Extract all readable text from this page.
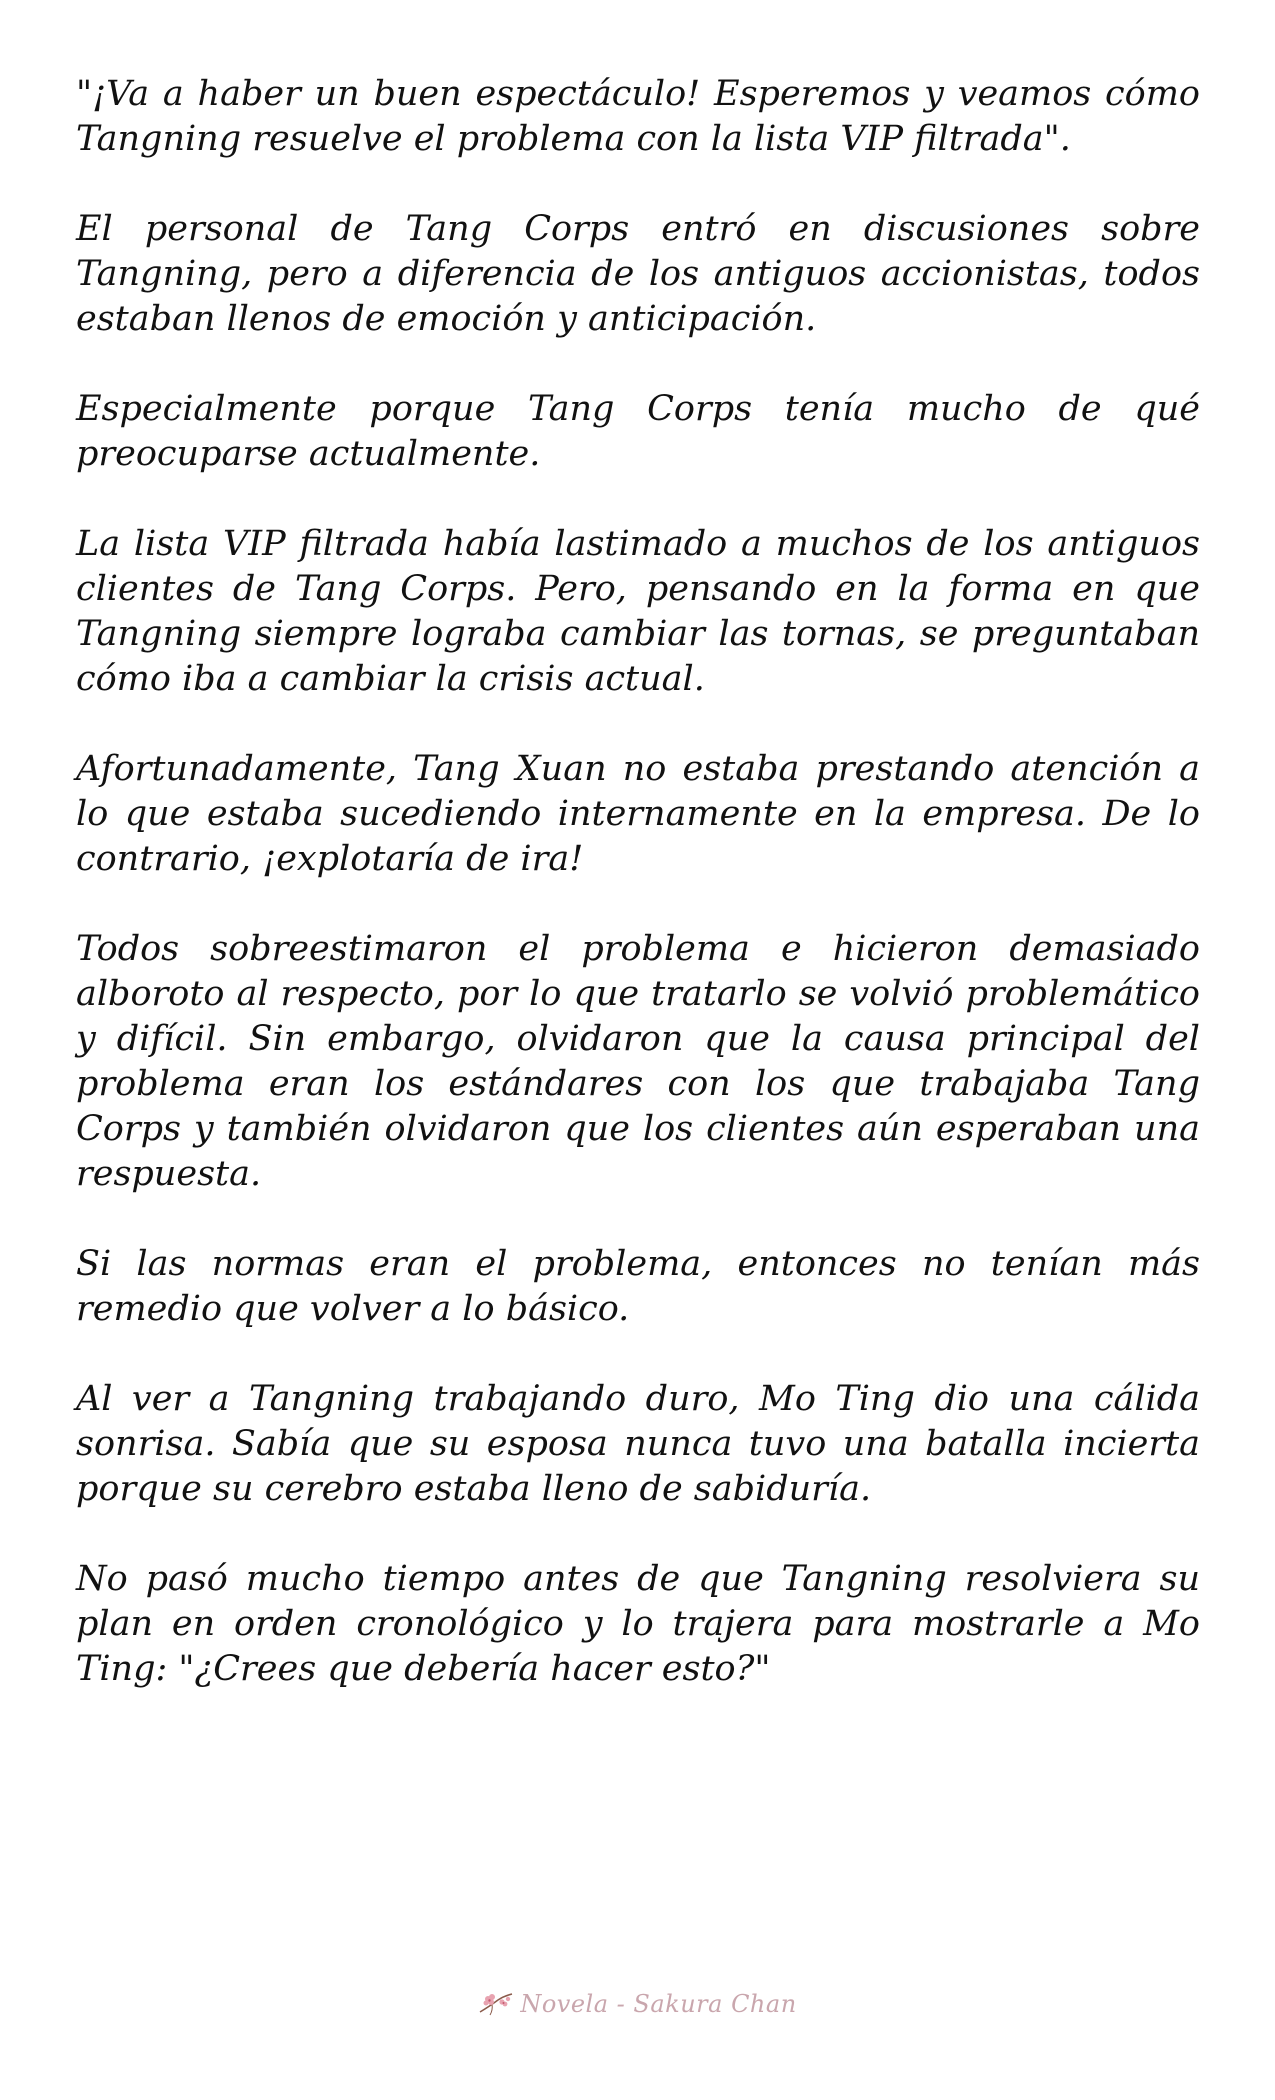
"¡Va a haber un buen espectáculo! Esperemos y veamos cómo Tangning resuelve el problema con la lista VIP filtrada".

El personal de Tang Corps entró en discusiones sobre Tangning, pero a diferencia de los antiguos accionistas, todos estaban llenos de emoción y anticipación.

Especialmente porque Tang Corps tenía mucho de qué preocuparse actualmente.

La lista VIP filtrada había lastimado a muchos de los antiguos clientes de Tang Corps. Pero, pensando en la forma en que Tangning siempre lograba cambiar las tornas, se preguntaban cómo iba a cambiar la crisis actual.

Afortunadamente, Tang Xuan no estaba prestando atención a lo que estaba sucediendo internamente en la empresa. De lo contrario, ¡explotaría de ira!

Todos sobreestimaron el problema e hicieron demasiado alboroto al respecto, por lo que tratarlo se volvió problemático y difícil. Sin embargo, olvidaron que la causa principal del problema eran los estándares con los que trabajaba Tang Corps y también olvidaron que los clientes aún esperaban una respuesta.

Si las normas eran el problema, entonces no tenían más remedio que volver a lo básico.

Al ver a Tangning trabajando duro, Mo Ting dio una cálida sonrisa. Sabía que su esposa nunca tuvo una batalla incierta porque su cerebro estaba lleno de sabiduría.

No pasó mucho tiempo antes de que Tangning resolviera su plan en orden cronológico y lo trajera para mostrarle a Mo Ting: "¿Crees que debería hacer esto?"

Novela - Sakura Chan
